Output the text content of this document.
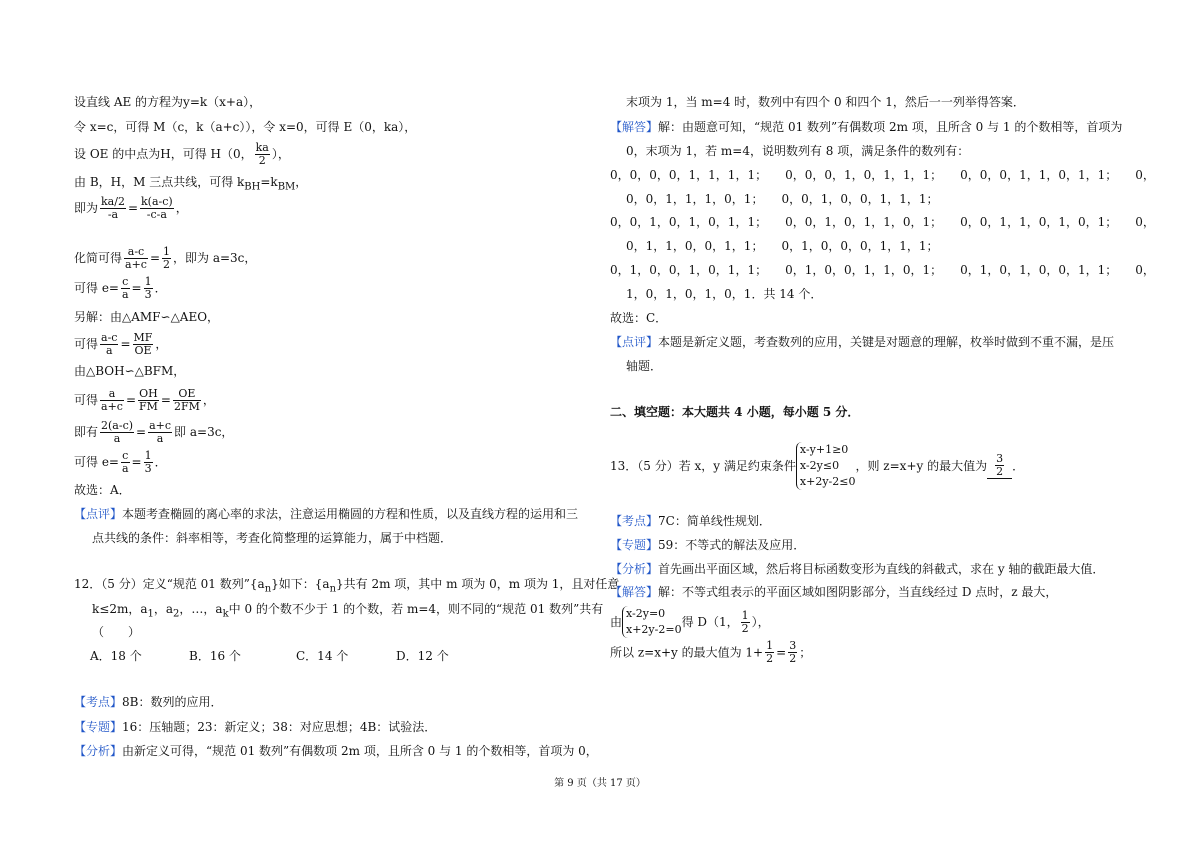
设直线 AE 的方程为y=k（x+a），
令 x=c，可得 M（c，k（a+c）），令 x=0，可得 E（0，ka），
设 OE 的中点为H，可得 H（0， $\frac{ka}{2}$ ），
由 B，H，M 三点共线，可得 $k_{BH}=k_{BM}$，
即为 $\frac{ka/2}{-a} = \frac{k(a-c)}{-c-a}$ ，
化简可得 $\frac{a-c}{a+c} = \frac{1}{2}$ ，即为 a=3c，
可得 $e= \frac{c}{a} = \frac{1}{3}$ ．
另解：由△AMF∽△AEO，
可得 $\frac{a-c}{a} = \frac{MF}{OE}$ ，
由△BOH∽△BFM，
可得 $\frac{a}{a+c} = \frac{OH}{FM} = \frac{OE}{2FM}$ ，
即有 $\frac{2(a-c)}{a} = \frac{a+c}{a}$ 即 a=3c，
可得 $e= \frac{c}{a} = \frac{1}{3}$ ．
故选：A．
【点评】本题考查椭圆的离心率的求法，注意运用椭圆的方程和性质，以及直线方程的运用和三
点共线的条件：斜率相等，考查化简整理的运算能力，属于中档题．
12．（5 分）定义“规范 01 数列$”\{a_n\}$如下：$\{a_n\}$共有 2m 项，其中 m 项为 0，m 项为 1，且对任意
k≤2m，$a_1$，$a_2$，…，$a_k$中 0 的个数不少于 1 的个数，若 m=4，则不同的“规范 01 数列”共有
（　　）
A．18 个	B．16 个	C．14 个	D．12 个
【考点】8B：数列的应用．
【专题】16：压轴题；23：新定义；38：对应思想；4B：试验法．
【分析】由新定义可得，“规范 01 数列”有偶数项 2m 项，且所含 0 与 1 的个数相等，首项为 0，
末项为 1，当 m=4 时，数列中有四个 0 和四个 1，然后一一列举得答案．
【解答】解：由题意可知，“规范 01 数列”有偶数项 2m 项，且所含 0 与 1 的个数相等，首项为
0，末项为 1，若 m=4，说明数列有 8 项，满足条件的数列有：
0，0，0，0，1，1，1，1；　　0，0，0，1，0，1，1，1；　　0，0，0，1，1，0，1，1；　　0，
0，0，1，1，1，0，1；　　0，0，1，0，0，1，1，1；
0，0，1，0，1，0，1，1；　　0，0，1，0，1，1，0，1；　　0，0，1，1，0，1，0，1；　　0，
0，1，1，0，0，1，1；　　0，1，0，0，0，1，1，1；
0，1，0，0，1，0，1，1；　　0，1，0，0，1，1，0，1；　　0，1，0，1，0，0，1，1；　　0，
1，0，1，0，1，0，1．共 14 个．
故选：C．
【点评】本题是新定义题，考查数列的应用，关键是对题意的理解，枚举时做到不重不漏，是压
轴题．
二、填空题：本大题共 4 小题，每小题 5 分．
13．（5 分）若 x，y 满足约束条件
x-y+1≥0
x-2y≤0
x+2y-2≤0
，则 z=x+y 的最大值为 $\frac{3}{2}$ ．
【考点】7C：简单线性规划．
【专题】59：不等式的解法及应用．
【分析】首先画出平面区域，然后将目标函数变形为直线的斜截式，求在 y 轴的截距最大值．
【解答】解：不等式组表示的平面区域如图阴影部分，当直线经过 D 点时，z 最大，
由
x-2y=0
x+2y-2=0
得 D（1， $\frac{1}{2}$ ），
所以 z=x+y 的最大值为 $1+ \frac{1}{2} = \frac{3}{2}$ ；
第 9 页（共 17 页）
